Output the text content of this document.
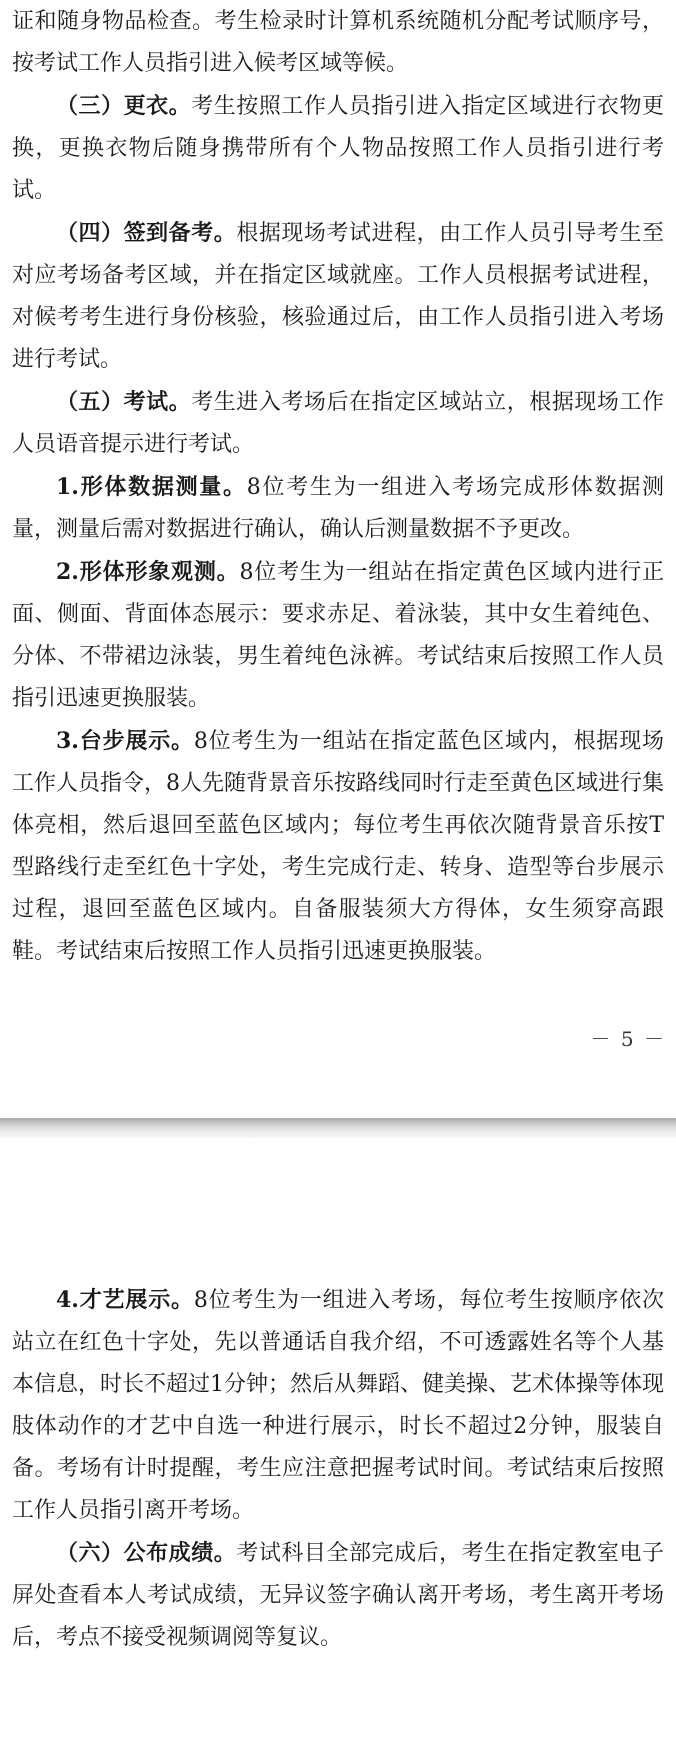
证和随身物品检查。考生检录时计算机系统随机分配考试顺序号，按考试工作人员指引进入候考区域等候。

（三）更衣。考生按照工作人员指引进入指定区域进行衣物更换，更换衣物后随身携带所有个人物品按照工作人员指引进行考试。

（四）签到备考。根据现场考试进程，由工作人员引导考生至对应考场备考区域，并在指定区域就座。工作人员根据考试进程，对候考考生进行身份核验，核验通过后，由工作人员指引进入考场进行考试。

（五）考试。考生进入考场后在指定区域站立，根据现场工作人员语音提示进行考试。

1.形体数据测量。8位考生为一组进入考场完成形体数据测量，测量后需对数据进行确认，确认后测量数据不予更改。

2.形体形象观测。8位考生为一组站在指定黄色区域内进行正面、侧面、背面体态展示：要求赤足、着泳装，其中女生着纯色、分体、不带裙边泳装，男生着纯色泳裤。考试结束后按照工作人员指引迅速更换服装。

3.台步展示。8位考生为一组站在指定蓝色区域内，根据现场工作人员指令，8人先随背景音乐按路线同时行走至黄色区域进行集体亮相，然后退回至蓝色区域内；每位考生再依次随背景音乐按T型路线行走至红色十字处，考生完成行走、转身、造型等台步展示过程，退回至蓝色区域内。自备服装须大方得体，女生须穿高跟鞋。考试结束后按照工作人员指引迅速更换服装。

－ 5 －

4.才艺展示。8位考生为一组进入考场，每位考生按顺序依次站立在红色十字处，先以普通话自我介绍，不可透露姓名等个人基本信息，时长不超过1分钟；然后从舞蹈、健美操、艺术体操等体现肢体动作的才艺中自选一种进行展示，时长不超过2分钟，服装自备。考场有计时提醒，考生应注意把握考试时间。考试结束后按照工作人员指引离开考场。

（六）公布成绩。考试科目全部完成后，考生在指定教室电子屏处查看本人考试成绩，无异议签字确认离开考场，考生离开考场后，考点不接受视频调阅等复议。
